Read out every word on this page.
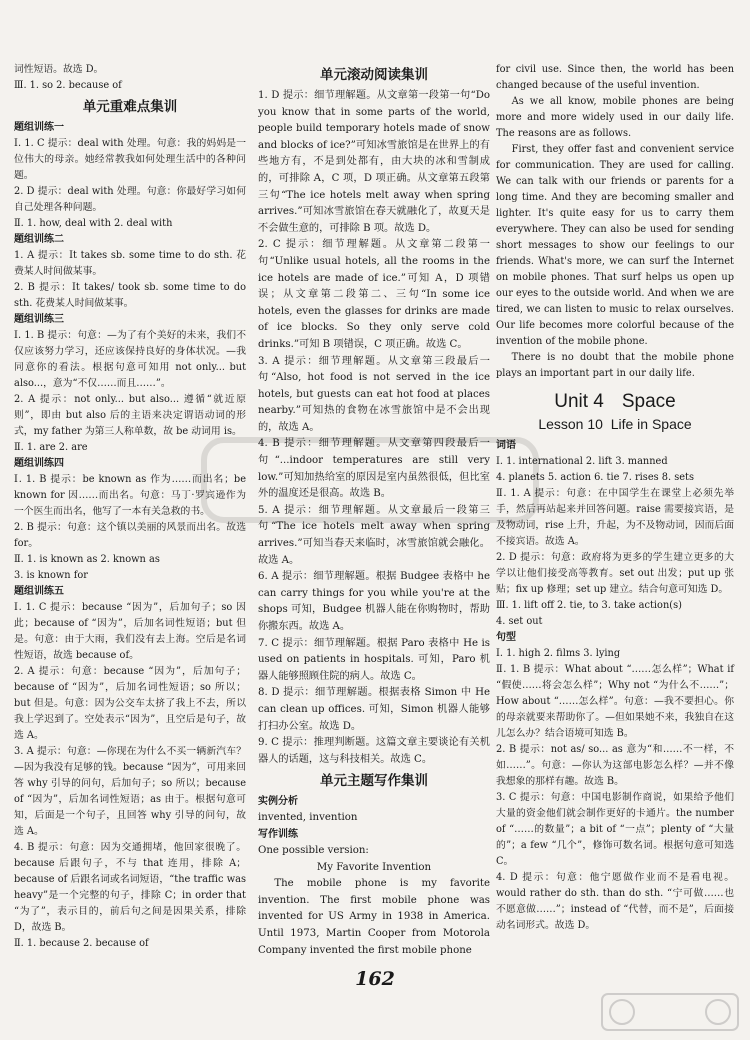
词性短语。故选 D。
Ⅲ. 1. so 2. because of
单元重难点集训
题组训练一
Ⅰ. 1. C 提示：deal with 处理。句意：我的妈妈是一位伟大的母亲。她经常教我如何处理生活中的各种问题。
2. D 提示：deal with 处理。句意：你最好学习如何自己处理各种问题。
Ⅱ. 1. how, deal with 2. deal with
题组训练二
1. A 提示：It takes sb. some time to do sth. 花费某人时间做某事。
2. B 提示：It takes/ took sb. some time to do sth. 花费某人时间做某事。
题组训练三
Ⅰ. 1. B 提示：句意：—为了有个美好的未来，我们不仅应该努力学习，还应该保持良好的身体状况。—我同意你的看法。根据句意可知用 not only... but also...，意为“不仅……而且……”。
2. A 提示：not only... but also... 遵循“就近原则”，即由 but also 后的主语来决定谓语动词的形式，my father 为第三人称单数，故 be 动词用 is。
Ⅱ. 1. are 2. are
题组训练四
Ⅰ. 1. B 提示：be known as 作为……而出名；be known for 因……而出名。句意：马丁·罗宾逊作为一个医生而出名，他写了一本有关急救的书。
2. B 提示：句意：这个镇以美丽的风景而出名。故选 for。
Ⅱ. 1. is known as 2. known as
3. is known for
题组训练五
Ⅰ. 1. C 提示：because “因为”，后加句子；so 因此；because of “因为”，后加名词性短语；but 但是。句意：由于大雨，我们没有去上海。空后是名词性短语，故选 because of。
2. A 提示：句意：because “因为”，后加句子；because of “因为”，后加名词性短语；so 所以；but 但是。句意：因为公交车太挤了我上不去，所以我上学迟到了。空处表示“因为”，且空后是句子，故选 A。
3. A 提示：句意：—你现在为什么不买一辆新汽车？—因为我没有足够的钱。because “因为”，可用来回答 why 引导的问句，后加句子；so 所以；because of “因为”，后加名词性短语；as 由于。根据句意可知，后面是一个句子，且回答 why 引导的问句，故选 A。
4. B 提示：句意：因为交通拥堵，他回家很晚了。because 后跟句子，不与 that 连用，排除 A；because of 后跟名词或名词短语，“the traffic was heavy”是一个完整的句子，排除 C；in order that “为了”，表示目的，前后句之间是因果关系，排除 D，故选 B。
Ⅱ. 1. because 2. because of
单元滚动阅读集训
1. D 提示：细节理解题。从文章第一段第一句“Do you know that in some parts of the world, people build temporary hotels made of snow and blocks of ice?”可知冰雪旅馆是在世界上的有些地方有，不是到处都有，由大块的冰和雪制成的，可排除 A，C 项，D 项正确。从文章第五段第三句“The ice hotels melt away when spring arrives.”可知冰雪旅馆在春天就融化了，故夏天是不会做生意的，可排除 B 项。故选 D。
2. C 提示：细节理解题。从文章第二段第一句“Unlike usual hotels, all the rooms in the ice hotels are made of ice.”可知 A，D 项错误；从文章第二段第二、三句“In some ice hotels, even the glasses for drinks are made of ice blocks. So they only serve cold drinks.”可知 B 项错误，C 项正确。故选 C。
3. A 提示：细节理解题。从文章第三段最后一句“Also, hot food is not served in the ice hotels, but guests can eat hot food at places nearby.”可知热的食物在冰雪旅馆中是不会出现的，故选 A。
4. B 提示：细节理解题。从文章第四段最后一句“...indoor temperatures are still very low.”可知加热给室的原因是室内虽然很低，但比室外的温度还是很高。故选 B。
5. A 提示：细节理解题。从文章最后一段第三句“The ice hotels melt away when spring arrives.”可知当春天来临时，冰雪旅馆就会融化。故选 A。
6. A 提示：细节理解题。根据 Budgee 表格中 he can carry things for you while you're at the shops 可知，Budgee 机器人能在你购物时，帮助你搬东西。故选 A。
7. C 提示：细节理解题。根据 Paro 表格中 He is used on patients in hospitals. 可知，Paro 机器人能够照顾住院的病人。故选 C。
8. D 提示：细节理解题。根据表格 Simon 中 He can clean up offices. 可知，Simon 机器人能够打扫办公室。故选 D。
9. C 提示：推理判断题。这篇文章主要谈论有关机器人的话题，这与科技相关。故选 C。
单元主题写作集训
实例分析
invented, invention
写作训练
One possible version:
My Favorite Invention
The mobile phone is my favorite invention. The first mobile phone was invented for US Army in 1938 in America. Until 1973, Martin Cooper from Motorola Company invented the first mobile phone
for civil use. Since then, the world has been changed because of the useful invention.
As we all know, mobile phones are being more and more widely used in our daily life. The reasons are as follows.
First, they offer fast and convenient service for communication. They are used for calling. We can talk with our friends or parents for a long time. And they are becoming smaller and lighter. It's quite easy for us to carry them everywhere. They can also be used for sending short messages to show our feelings to our friends. What's more, we can surf the Internet on mobile phones. That surf helps us open up our eyes to the outside world. And when we are tired, we can listen to music to relax ourselves. Our life becomes more colorful because of the invention of the mobile phone.
There is no doubt that the mobile phone plays an important part in our daily life.
Unit 4 Space
Lesson 10 Life in Space
词语
Ⅰ. 1. international 2. lift 3. manned
4. planets 5. action 6. tie 7. rises 8. sets
Ⅱ. 1. A 提示：句意：在中国学生在课堂上必须先举手，然后再站起来并回答问题。raise 需要接宾语，是及物动词，rise 上升，升起，为不及物动词，因而后面不接宾语。故选 A。
2. D 提示：句意：政府将为更多的学生建立更多的大学以让他们接受高等教育。set out 出发；put up 张贴；fix up 修理；set up 建立。结合句意可知选 D。
Ⅲ. 1. lift off 2. tie, to 3. take action(s)
4. set out
句型
Ⅰ. 1. high 2. films 3. lying
Ⅱ. 1. B 提示：What about “……怎么样”；What if “假使……将会怎么样”；Why not “为什么不……”；How about “……怎么样”。句意：—我不要担心。你的母亲就要来帮助你了。—但如果她不来，我独自在这儿怎么办？结合语境可知选 B。
2. B 提示：not as/ so... as 意为“和……不一样，不如……”。句意：—你认为这部电影怎么样？—并不像我想象的那样有趣。故选 B。
3. C 提示：句意：中国电影制作商说，如果给予他们大量的资金他们就会制作更好的卡通片。the number of “……的数量”；a bit of “一点”；plenty of “大量的”；a few “几个”，修饰可数名词。根据句意可知选 C。
4. D 提示：句意：他宁愿做作业而不是看电视。would rather do sth. than do sth. “宁可做……也不愿意做……”；instead of “代替，而不是”，后面接动名词形式。故选 D。
162
